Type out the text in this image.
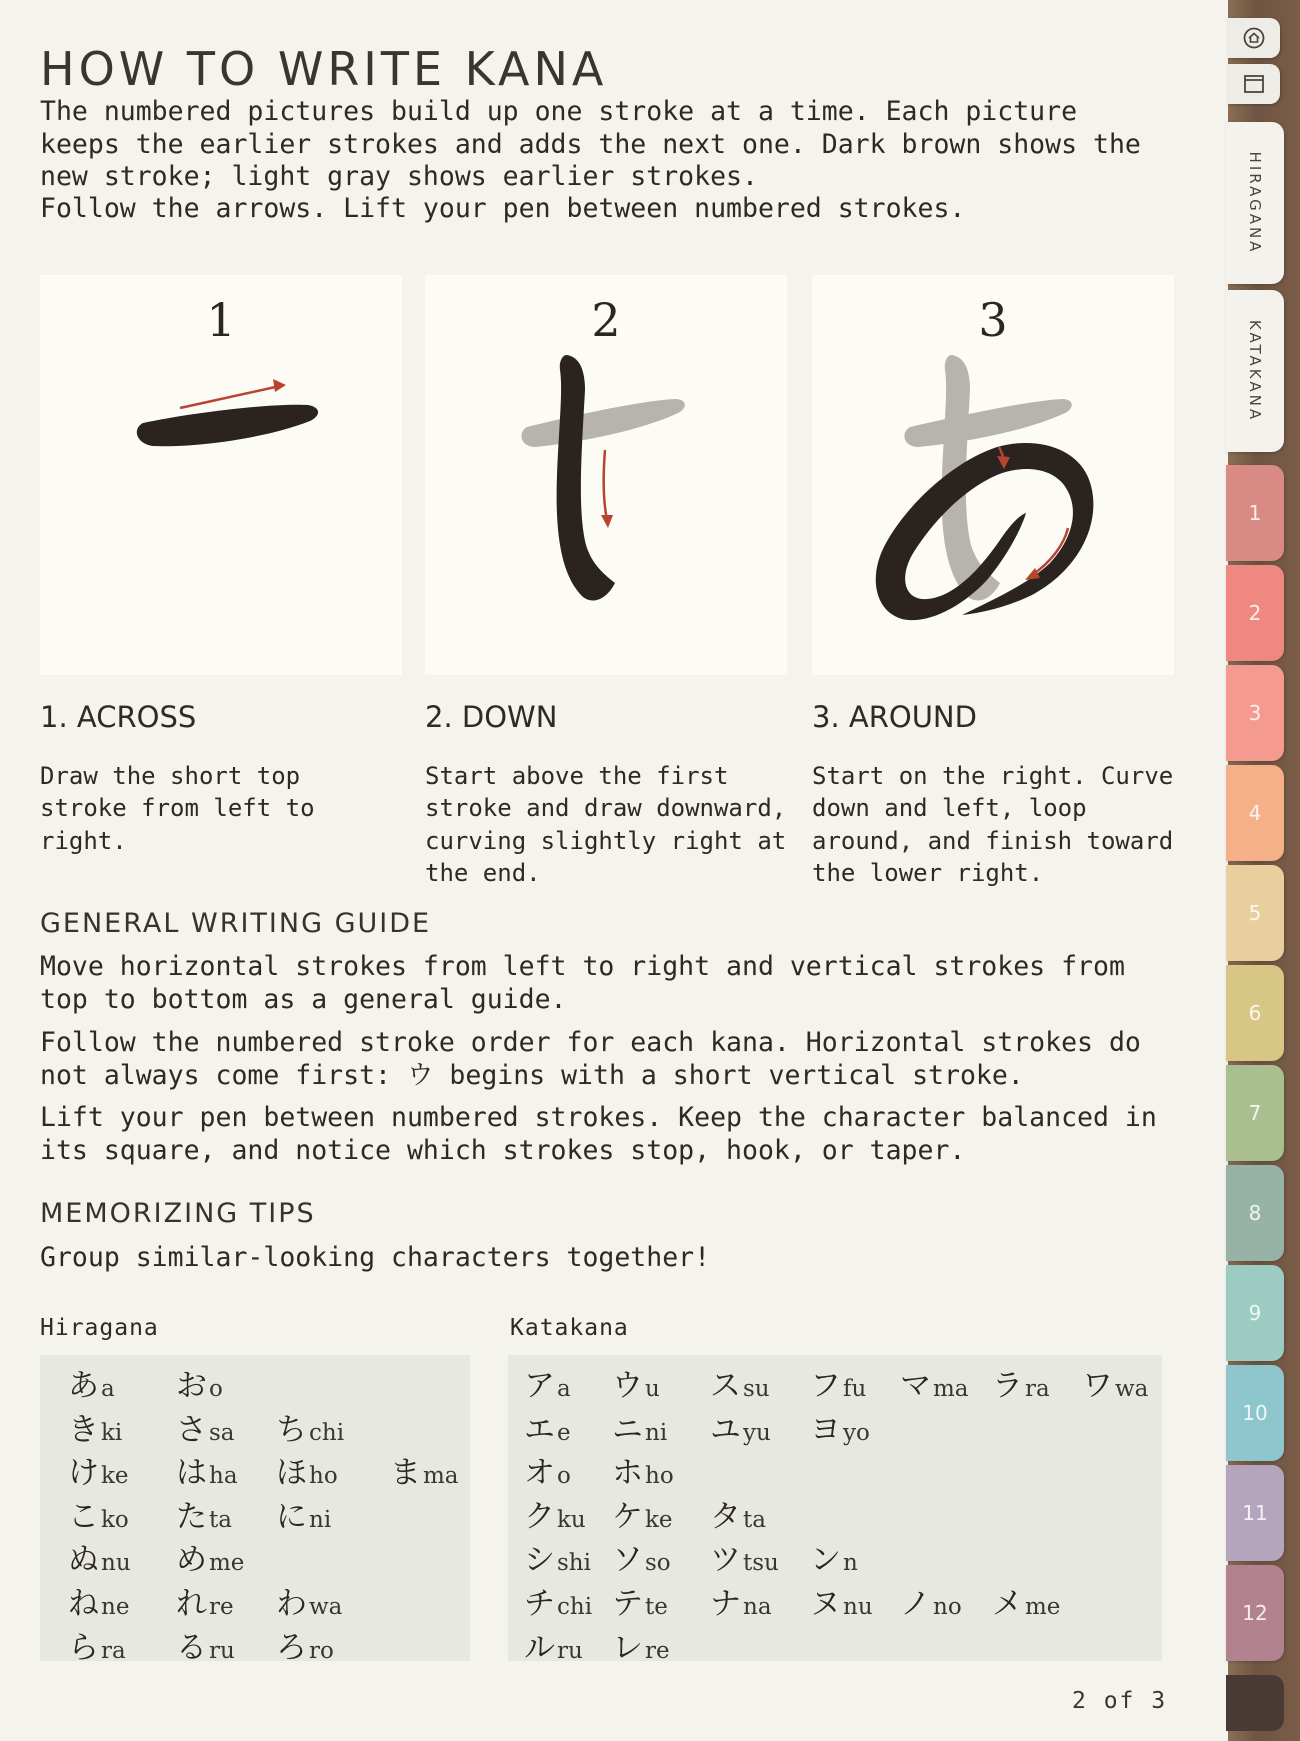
HOW TO WRITE KANA

The numbered pictures build up one stroke at a time. Each picture keeps the earlier strokes and adds the next one. Dark brown shows the new stroke; light gray shows earlier strokes.

Follow the arrows. Lift your pen between numbered strokes.

1	2	3
1. ACROSS	2. DOWN	3. AROUND

Draw the short top stroke from left to right.

Start above the first stroke and draw downward, curving slightly right at the end.

Start on the right. Curve down and left, loop around, and finish toward the lower right.

GENERAL WRITING GUIDE

Move horizontal strokes from left to right and vertical strokes from top to bottom as a general guide.

Follow the numbered stroke order for each kana. Horizontal strokes do not always come first: ウ begins with a short vertical stroke.

Lift your pen between numbered strokes. Keep the character balanced in its square, and notice which strokes stop, hook, or taper.

MEMORIZING TIPS

Group similar-looking characters together!

Hiragana	Katakana
あa おo
きki さsa ちchi
けke はha ほho まma
こko たta にni
ぬnu めme
ねne れre わwa
らra るru ろro
アa ウu スsu フfu マma ラra ワwa
エe ニni ユyu ヨyo
オo ホho
クku ケke タta
シshi ソso ツtsu ンn
チchi テte ナna ヌnu ノno メme
ルru レre
2 of 3
HIRAGANA
KATAKANA
1
2
3
4
5
6
7
8
9
10
11
12
